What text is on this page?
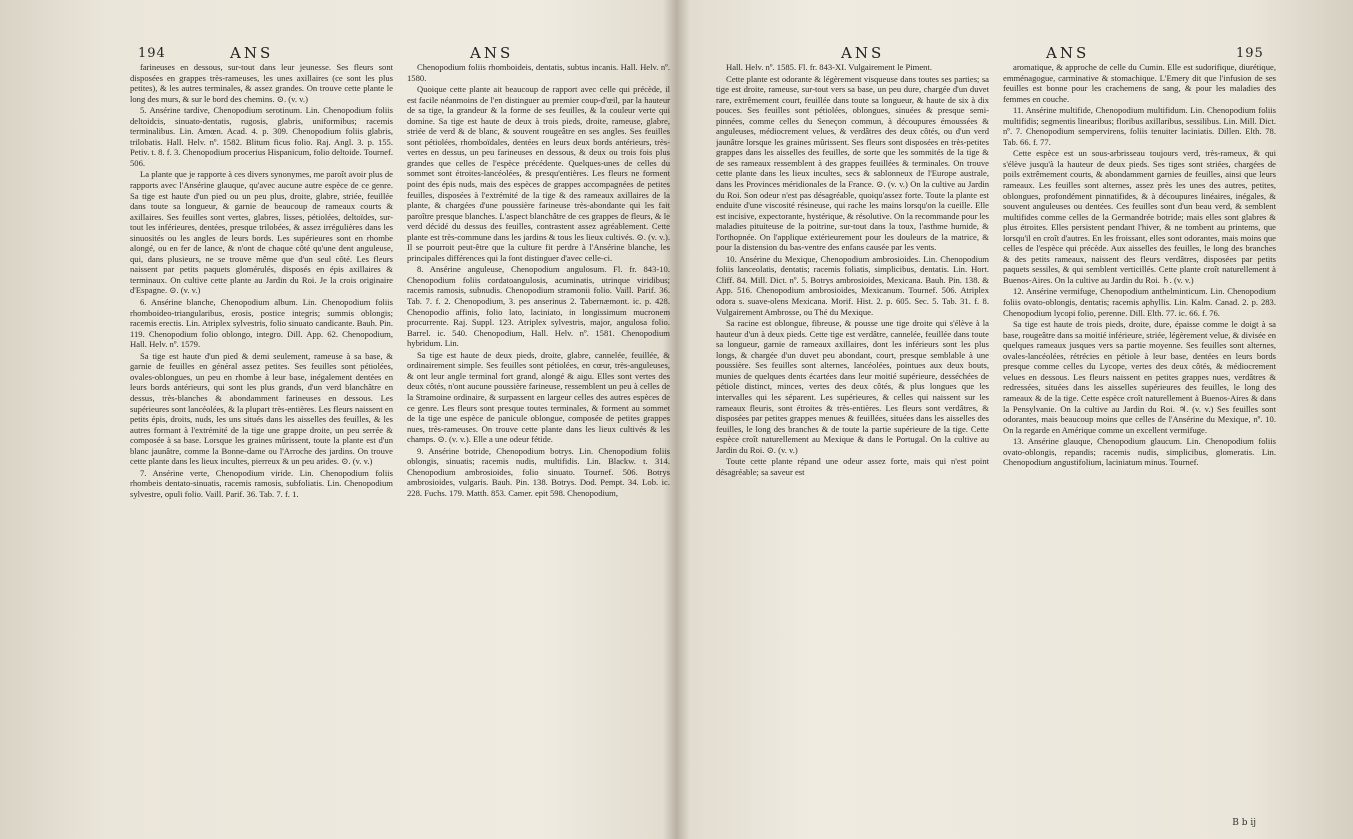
194	ANS	ANS

farineuses en dessous, sur-tout dans leur jeunesse. Ses fleurs sont disposées en grappes très-rameuses, les unes axillaires (ce sont les plus petites), & les autres terminales, & assez grandes. On trouve cette plante le long des murs, & sur le bord des chemins. ⊙. (v. v.)

5. Ansérine tardive, Chenopodium serotinum. Lin. Chenopodium foliis deltoidcis, sinuato-dentatis, rugosis, glabris, uniformibus; racemis terminalibus. Lin. Amœn. Acad. 4. p. 309. Chenopodium foliis glabris, trilobatis. Hall. Helv. nº. 1582. Blitum ficus folio. Raj. Angl. 3. p. 155. Petiv. t. 8. f. 3. Chenopodium procerius Hispanicum, folio deltoide. Tournef. 506.

La plante que je rapporte à ces divers synonymes, me paroît avoir plus de rapports avec l'Ansérine glauque, qu'avec aucune autre espèce de ce genre. Sa tige est haute d'un pied ou un peu plus, droite, glabre, striée, feuillée dans toute sa longueur, & garnie de beaucoup de rameaux courts & axillaires. Ses feuilles sont vertes, glabres, lisses, pétiolées, deltoïdes, sur-tout les inférieures, dentées, presque trilobées, & assez irrégulières dans les sinuosités ou les angles de leurs bords. Les supérieures sont en rhombe alongé, ou en fer de lance, & n'ont de chaque côté qu'une dent anguleuse, qui, dans plusieurs, ne se trouve même que d'un seul côté. Les fleurs naissent par petits paquets glomérulés, disposés en épis axillaires & terminaux. On cultive cette plante au Jardin du Roi. Je la crois originaire d'Espagne. ⊙. (v. v.)

6. Ansérine blanche, Chenopodium album. Lin. Chenopodium foliis rhomboideo-triangularibus, erosis, postice integris; summis oblongis; racemis erectis. Lin. Atriplex sylvestris, folio sinuato candicante. Bauh. Pin. 119. Chenopodium folio oblongo, integro. Dill. App. 62. Chenopodium, Hall. Helv. nº. 1579.

Sa tige est haute d'un pied & demi seulement, rameuse à sa base, & garnie de feuilles en général assez petites. Ses feuilles sont pétiolées, ovales-oblongues, un peu en rhombe à leur base, inégalement dentées en leurs bords antérieurs, qui sont les plus grands, d'un verd blanchâtre en dessus, très-blanches & abondamment farineuses en dessous. Les supérieures sont lancéolées, & la plupart très-entières. Les fleurs naissent en petits épis, droits, nuds, les uns situés dans les aisselles des feuilles, & les autres formant à l'extrémité de la tige une grappe droite, un peu serrée & composée à sa base. Lorsque les graines mûrissent, toute la plante est d'un blanc jaunâtre, comme la Bonne-dame ou l'Arroche des jardins. On trouve cette plante dans les lieux incultes, pierreux & un peu arides. ⊙. (v. v.)

7. Ansérine verte, Chenopodium viride. Lin. Chenopodium foliis rhombeis dentato-sinuatis, racemis ramosis, subfoliatis. Lin. Chenopodium sylvestre, opuli folio. Vaill. Parif. 36. Tab. 7. f. 1.

Chenopodium foliis rhomboideis, dentatis, subtus incanis. Hall. Helv. nº. 1580.

Quoique cette plante ait beaucoup de rapport avec celle qui précède, il est facile néanmoins de l'en distinguer au premier coup-d'œil, par la hauteur de sa tige, la grandeur & la forme de ses feuilles, & la couleur verte qui domine. Sa tige est haute de deux à trois pieds, droite, rameuse, glabre, striée de verd & de blanc, & souvent rougeâtre en ses angles. Ses feuilles sont pétiolées, rhomboïdales, dentées en leurs deux bords antérieurs, très-vertes en dessus, un peu farineuses en dessous, & deux ou trois fois plus grandes que celles de l'espèce précédente. Quelques-unes de celles du sommet sont étroites-lancéolées, & presqu'entières. Les fleurs ne forment point des épis nuds, mais des espèces de grappes accompagnées de petites feuilles, disposées à l'extrémité de la tige & des rameaux axillaires de la plante, & chargées d'une poussière farineuse très-abondante qui les fait paroître presque blanches. L'aspect blanchâtre de ces grappes de fleurs, & le verd décidé du dessus des feuilles, contrastent assez agréablement. Cette plante est très-commune dans les jardins & tous les lieux cultivés. ⊙. (v. v.). Il se pourroit peut-être que la culture fit perdre à l'Ansérine blanche, les principales différences qui la font distinguer d'avec celle-ci.

8. Ansérine anguleuse, Chenopodium angulosum. Fl. fr. 843-10. Chenopodium foliis cordatoangulosis, acuminatis, utrinque viridibus; racemis ramosis, subnudis. Chenopodium stramonii folio. Vaill. Parif. 36. Tab. 7. f. 2. Chenopodium, 3. pes anserinus 2. Tabernæmont. ic. p. 428. Chenopodio affinis, folio lato, laciniato, in longissimum mucronem procurrente. Raj. Suppl. 123. Atriplex sylvestris, major, angulosa folio. Barrel. ic. 540. Chenopodium, Hall. Helv. nº. 1581. Chenopodium hybridum. Lin.

Sa tige est haute de deux pieds, droite, glabre, cannelée, feuillée, & ordinairement simple. Ses feuilles sont pétiolées, en cœur, très-anguleuses, & ont leur angle terminal fort grand, alongé & aigu. Elles sont vertes des deux côtés, n'ont aucune poussière farineuse, ressemblent un peu à celles de la Stramoine ordinaire, & surpassent en largeur celles des autres espèces de ce genre. Les fleurs sont presque toutes terminales, & forment au sommet de la tige une espèce de panicule oblongue, composée de petites grappes nues, très-rameuses. On trouve cette plante dans les lieux cultivés & les champs. ⊙. (v. v.). Elle a une odeur fétide.

9. Ansérine botride, Chenopodium botrys. Lin. Chenopodium foliis oblongis, sinuatis; racemis nudis, multifidis. Lin. Blackw. t. 314. Chenopodium ambrosioides, folio sinuato. Tournef. 506. Botrys ambrosioides, vulgaris. Bauh. Pin. 138. Botrys. Dod. Pempt. 34. Lob. ic. 228. Fuchs. 179. Matth. 853. Camer. epit 598. Chenopodium,

ANS	ANS	195

Hall. Helv. nº. 1585. Fl. fr. 843-XI. Vulgairement le Piment.

Cette plante est odorante & légèrement visqueuse dans toutes ses parties; sa tige est droite, rameuse, sur-tout vers sa base, un peu dure, chargée d'un duvet rare, extrêmement court, feuillée dans toute sa longueur, & haute de six à dix pouces. Ses feuilles sont pétiolées, oblongues, sinuées & presque semi-pinnées, comme celles du Seneçon commun, à découpures émoussées & anguleuses, médiocrement velues, & verdâtres des deux côtés, ou d'un verd jaunâtre lorsque les graines mûrissent. Ses fleurs sont disposées en très-petites grappes dans les aisselles des feuilles, de sorte que les sommités de la tige & de ses rameaux ressemblent à des grappes feuillées & terminales. On trouve cette plante dans les lieux incultes, secs & sablonneux de l'Europe australe, dans les Provinces méridionales de la France. ⊙. (v. v.) On la cultive au Jardin du Roi. Son odeur n'est pas désagréable, quoiqu'assez forte. Toute la plante est enduite d'une viscosité résineuse, qui rache les mains lorsqu'on la cueille. Elle est incisive, expectorante, hystérique, & résolutive. On la recommande pour les maladies pituiteuse de la poitrine, sur-tout dans la toux, l'asthme humide, & l'orthopnée. On l'applique extérieurement pour les douleurs de la matrice, & pour la distension du bas-ventre des enfans causée par les vents.

10. Ansérine du Mexique, Chenopodium ambrosioides. Lin. Chenopodium foliis lanceolatis, dentatis; racemis foliatis, simplicibus, dentatis. Lin. Hort. Cliff. 84. Mill. Dict. nº. 5. Botrys ambrosioides, Mexicana. Bauh. Pin. 138. & App. 516. Chenopodium ambrosioides, Mexicanum. Tournef. 506. Atriplex odora s. suave-olens Mexicana. Morif. Hist. 2. p. 605. Sec. 5. Tab. 31. f. 8. Vulgairement Ambrosse, ou Thé du Mexique.

Sa racine est oblongue, fibreuse, & pousse une tige droite qui s'élève à la hauteur d'un à deux pieds. Cette tige est verdâtre, cannelée, feuillée dans toute sa longueur, garnie de rameaux axillaires, dont les inférieurs sont les plus longs, & chargée d'un duvet peu abondant, court, presque semblable à une poussière. Ses feuilles sont alternes, lancéolées, pointues aux deux bouts, munies de quelques dents écartées dans leur moitié supérieure, desséchées de pétiole distinct, minces, vertes des deux côtés, & plus longues que les intervalles qui les séparent. Les supérieures, & celles qui naissent sur les rameaux fleuris, sont étroites & très-entières. Les fleurs sont verdâtres, & disposées par petites grappes menues & feuillées, situées dans les aisselles des feuilles, le long des branches & de toute la partie supérieure de la tige. Cette espèce croît naturellement au Mexique & dans le Portugal. On la cultive au Jardin du Roi. ⊙. (v. v.)

Toute cette plante répand une odeur assez forte, mais qui n'est point désagréable; sa saveur est

aromatique, & approche de celle du Cumin. Elle est sudorifique, diurétique, emménagogue, carminative & stomachique. L'Emery dit que l'infusion de ses feuilles est bonne pour les crachemens de sang, & pour les maladies des femmes en couche.

11. Ansérine multifide, Chenopodium multifidum. Lin. Chenopodium foliis multifidis; segmentis linearibus; floribus axillaribus, sessilibus. Lin. Mill. Dict. nº. 7. Chenopodium sempervirens, foliis tenuiter laciniatis. Dillen. Elth. 78. Tab. 66. f. 77.

Cette espèce est un sous-arbrisseau toujours verd, très-rameux, & qui s'élève jusqu'à la hauteur de deux pieds. Ses tiges sont striées, chargées de poils extrêmement courts, & abondamment garnies de feuilles, ainsi que leurs rameaux. Les feuilles sont alternes, assez près les unes des autres, petites, oblongues, profondément pinnatifides, & à découpures linéaires, inégales, & souvent anguleuses ou dentées. Ces feuilles sont d'un beau verd, & semblent multifides comme celles de la Germandrée botride; mais elles sont glabres & plus étroites. Elles persistent pendant l'hiver, & ne tombent au printems, que lorsqu'il en croît d'autres. En les froissant, elles sont odorantes, mais moins que celles de l'espèce qui précède. Aux aisselles des feuilles, le long des branches & des petits rameaux, naissent des fleurs verdâtres, disposées par petits paquets sessiles, & qui semblent verticillés. Cette plante croît naturellement à Buenos-Aires. On la cultive au Jardin du Roi. ♄. (v. v.)

12. Ansérine vermifuge, Chenopodium anthelminticum. Lin. Chenopodium foliis ovato-oblongis, dentatis; racemis aphyllis. Lin. Kalm. Canad. 2. p. 283. Chenopodium lycopi folio, perenne. Dill. Elth. 77. ic. 66. f. 76.

Sa tige est haute de trois pieds, droite, dure, épaisse comme le doigt à sa base, rougeâtre dans sa moitié inférieure, striée, légèrement velue, & divisée en quelques rameaux jusques vers sa partie moyenne. Ses feuilles sont alternes, ovales-lancéolées, rétrécies en pétiole à leur base, dentées en leurs bords presque comme celles du Lycope, vertes des deux côtés, & médiocrement velues en dessous. Les fleurs naissent en petites grappes nues, verdâtres & redressées, situées dans les aisselles supérieures des feuilles, le long des rameaux & de la tige. Cette espèce croît naturellement à Buenos-Aires & dans la Pensylvanie. On la cultive au Jardin du Roi. ♃. (v. v.) Ses feuilles sont odorantes, mais beaucoup moins que celles de l'Ansérine du Mexique, nº. 10. On la regarde en Amérique comme un excellent vermifuge.

13. Ansérine glauque, Chenopodium glaucum. Lin. Chenopodium foliis ovato-oblongis, repandis; racemis nudis, simplicibus, glomeratis. Lin. Chenopodium angustifolium, laciniatum minus. Tournef.

B b ij
